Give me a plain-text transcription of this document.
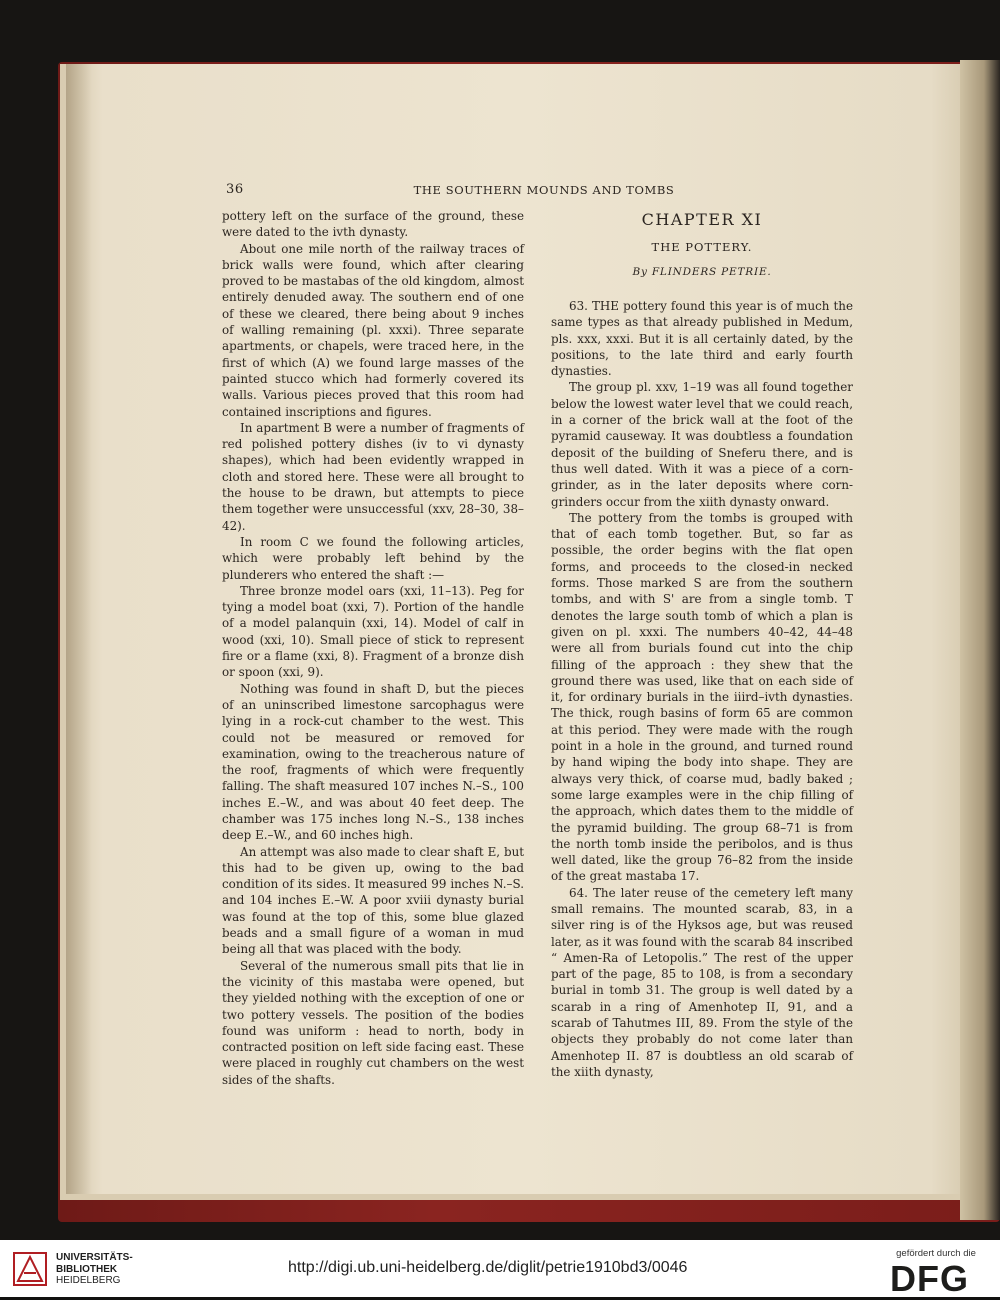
36	THE SOUTHERN MOUNDS AND TOMBS

pottery left on the surface of the ground, these were dated to the ivth dynasty.

About one mile north of the railway traces of brick walls were found, which after clearing proved to be mastabas of the old kingdom, almost entirely denuded away. The southern end of one of these we cleared, there being about 9 inches of walling remaining (pl. xxxi). Three separate apartments, or chapels, were traced here, in the first of which (A) we found large masses of the painted stucco which had formerly covered its walls. Various pieces proved that this room had contained inscriptions and figures.

In apartment B were a number of fragments of red polished pottery dishes (iv to vi dynasty shapes), which had been evidently wrapped in cloth and stored here. These were all brought to the house to be drawn, but attempts to piece them together were unsuccessful (xxv, 28–30, 38–42).

In room C we found the following articles, which were probably left behind by the plunderers who entered the shaft :—

Three bronze model oars (xxi, 11–13). Peg for tying a model boat (xxi, 7). Portion of the handle of a model palanquin (xxi, 14). Model of calf in wood (xxi, 10). Small piece of stick to represent fire or a flame (xxi, 8). Fragment of a bronze dish or spoon (xxi, 9).

Nothing was found in shaft D, but the pieces of an uninscribed limestone sarcophagus were lying in a rock-cut chamber to the west. This could not be measured or removed for examination, owing to the treacherous nature of the roof, fragments of which were frequently falling. The shaft measured 107 inches N.–S., 100 inches E.–W., and was about 40 feet deep. The chamber was 175 inches long N.–S., 138 inches deep E.–W., and 60 inches high.

An attempt was also made to clear shaft E, but this had to be given up, owing to the bad condition of its sides. It measured 99 inches N.–S. and 104 inches E.–W. A poor xviii dynasty burial was found at the top of this, some blue glazed beads and a small figure of a woman in mud being all that was placed with the body.

Several of the numerous small pits that lie in the vicinity of this mastaba were opened, but they yielded nothing with the exception of one or two pottery vessels. The position of the bodies found was uniform : head to north, body in contracted position on left side facing east. These were placed in roughly cut chambers on the west sides of the shafts.

CHAPTER XI
THE POTTERY.
By FLINDERS PETRIE.

63. THE pottery found this year is of much the same types as that already published in Medum, pls. xxx, xxxi. But it is all certainly dated, by the positions, to the late third and early fourth dynasties.

The group pl. xxv, 1–19 was all found together below the lowest water level that we could reach, in a corner of the brick wall at the foot of the pyramid causeway. It was doubtless a foundation deposit of the building of Sneferu there, and is thus well dated. With it was a piece of a corn-grinder, as in the later deposits where corn-grinders occur from the xiith dynasty onward.

The pottery from the tombs is grouped with that of each tomb together. But, so far as possible, the order begins with the flat open forms, and proceeds to the closed-in necked forms. Those marked S are from the southern tombs, and with S' are from a single tomb. T denotes the large south tomb of which a plan is given on pl. xxxi. The numbers 40–42, 44–48 were all from burials found cut into the chip filling of the approach : they shew that the ground there was used, like that on each side of it, for ordinary burials in the iiird–ivth dynasties. The thick, rough basins of form 65 are common at this period. They were made with the rough point in a hole in the ground, and turned round by hand wiping the body into shape. They are always very thick, of coarse mud, badly baked ; some large examples were in the chip filling of the approach, which dates them to the middle of the pyramid building. The group 68–71 is from the north tomb inside the peribolos, and is thus well dated, like the group 76–82 from the inside of the great mastaba 17.

64. The later reuse of the cemetery left many small remains. The mounted scarab, 83, in a silver ring is of the Hyksos age, but was reused later, as it was found with the scarab 84 inscribed “ Amen-Ra of Letopolis.” The rest of the upper part of the page, 85 to 108, is from a secondary burial in tomb 31. The group is well dated by a scarab in a ring of Amenhotep II, 91, and a scarab of Tahutmes III, 89. From the style of the objects they probably do not come later than Amenhotep II. 87 is doubtless an old scarab of the xiith dynasty,

UNIVERSITÄTS-
BIBLIOTHEK
HEIDELBERG
http://digi.ub.uni-heidelberg.de/diglit/petrie1910bd3/0046
gefördert durch die
DFG
